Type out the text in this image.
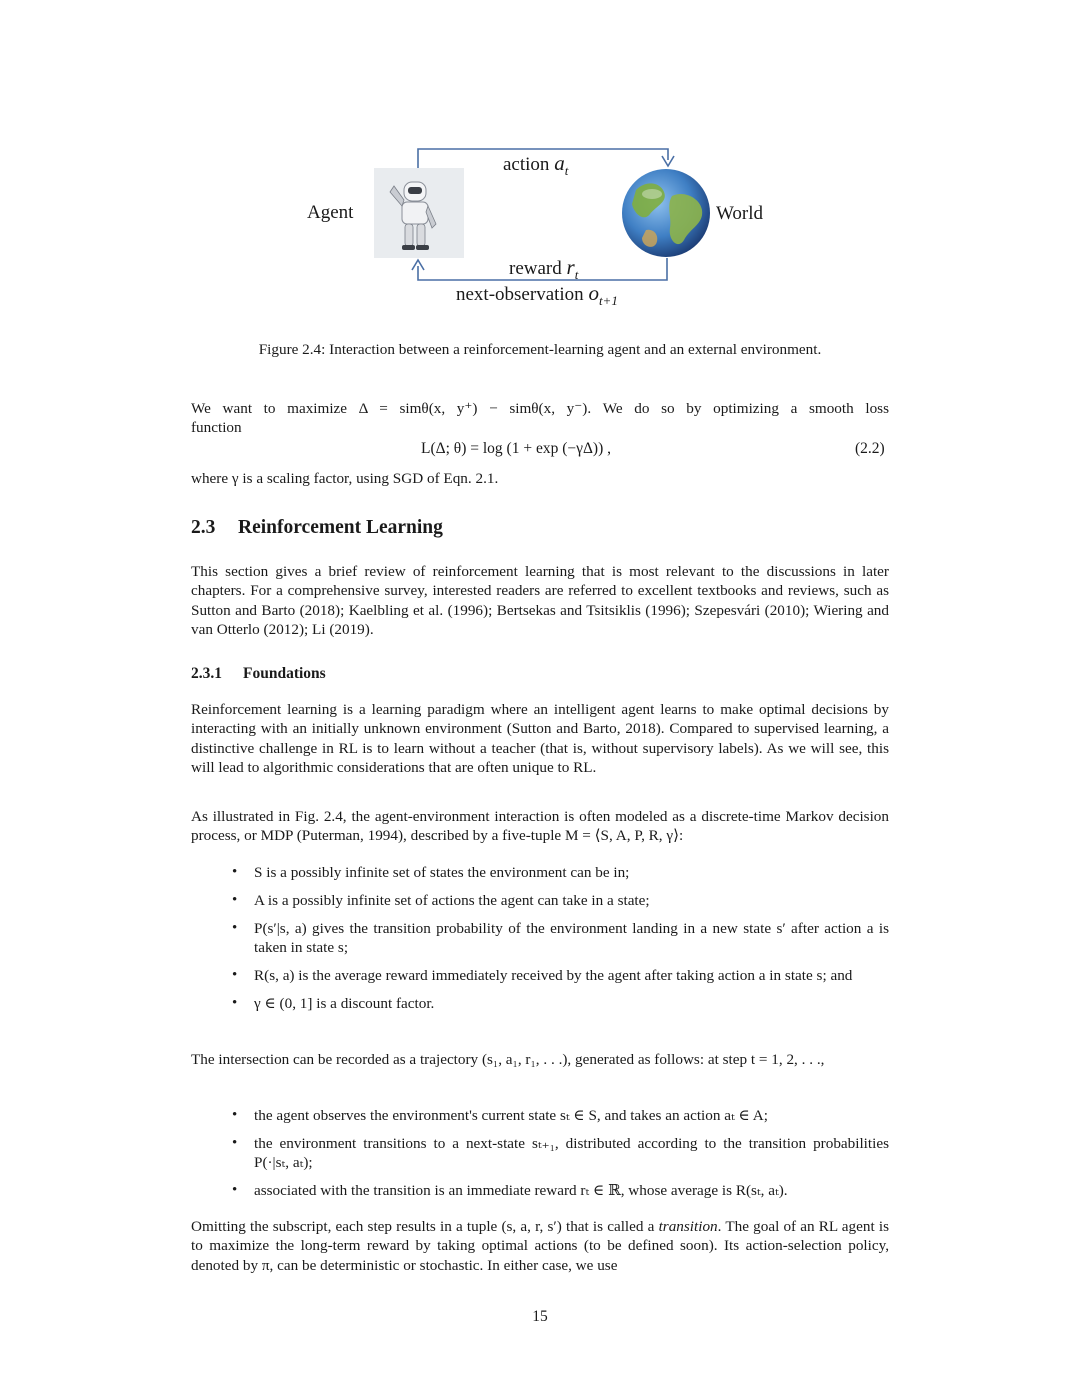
Agent	World
action $a_t$
reward $r_t$
next-observation $o_{t+1}$
Figure 2.4: Interaction between a reinforcement-learning agent and an external environment.
We want to maximize Δ = simθ(x, y⁺) − simθ(x, y⁻). We do so by optimizing a smooth loss
function
L(Δ; θ) = log (1 + exp (−γΔ)) ,	(2.2)
where γ is a scaling factor, using SGD of Eqn. 2.1.
2.3 Reinforcement Learning

This section gives a brief review of reinforcement learning that is most relevant to the discussions in later chapters. For a comprehensive survey, interested readers are referred to excellent textbooks and reviews, such as Sutton and Barto (2018); Kaelbling et al. (1996); Bertsekas and Tsitsiklis (1996); Szepesvári (2010); Wiering and van Otterlo (2012); Li (2019).

2.3.1 Foundations

Reinforcement learning is a learning paradigm where an intelligent agent learns to make optimal decisions by interacting with an initially unknown environment (Sutton and Barto, 2018). Compared to supervised learning, a distinctive challenge in RL is to learn without a teacher (that is, without supervisory labels). As we will see, this will lead to algorithmic considerations that are often unique to RL.

As illustrated in Fig. 2.4, the agent-environment interaction is often modeled as a discrete-time Markov decision process, or MDP (Puterman, 1994), described by a five-tuple M = ⟨S, A, P, R, γ⟩:

• S is a possibly infinite set of states the environment can be in;
• A is a possibly infinite set of actions the agent can take in a state;
• P(s′|s, a) gives the transition probability of the environment landing in a new state s′ after action a is taken in state s;
• R(s, a) is the average reward immediately received by the agent after taking action a in state s; and
• γ ∈ (0, 1] is a discount factor.

The intersection can be recorded as a trajectory (s₁, a₁, r₁, . . .), generated as follows: at step t = 1, 2, . . .,

• the agent observes the environment's current state sₜ ∈ S, and takes an action aₜ ∈ A;
• the environment transitions to a next-state sₜ₊₁, distributed according to the transition probabilities P(·|sₜ, aₜ);
• associated with the transition is an immediate reward rₜ ∈ ℝ, whose average is R(sₜ, aₜ).

Omitting the subscript, each step results in a tuple (s, a, r, s′) that is called a transition. The goal of an RL agent is to maximize the long-term reward by taking optimal actions (to be defined soon). Its action-selection policy, denoted by π, can be deterministic or stochastic. In either case, we use

15
